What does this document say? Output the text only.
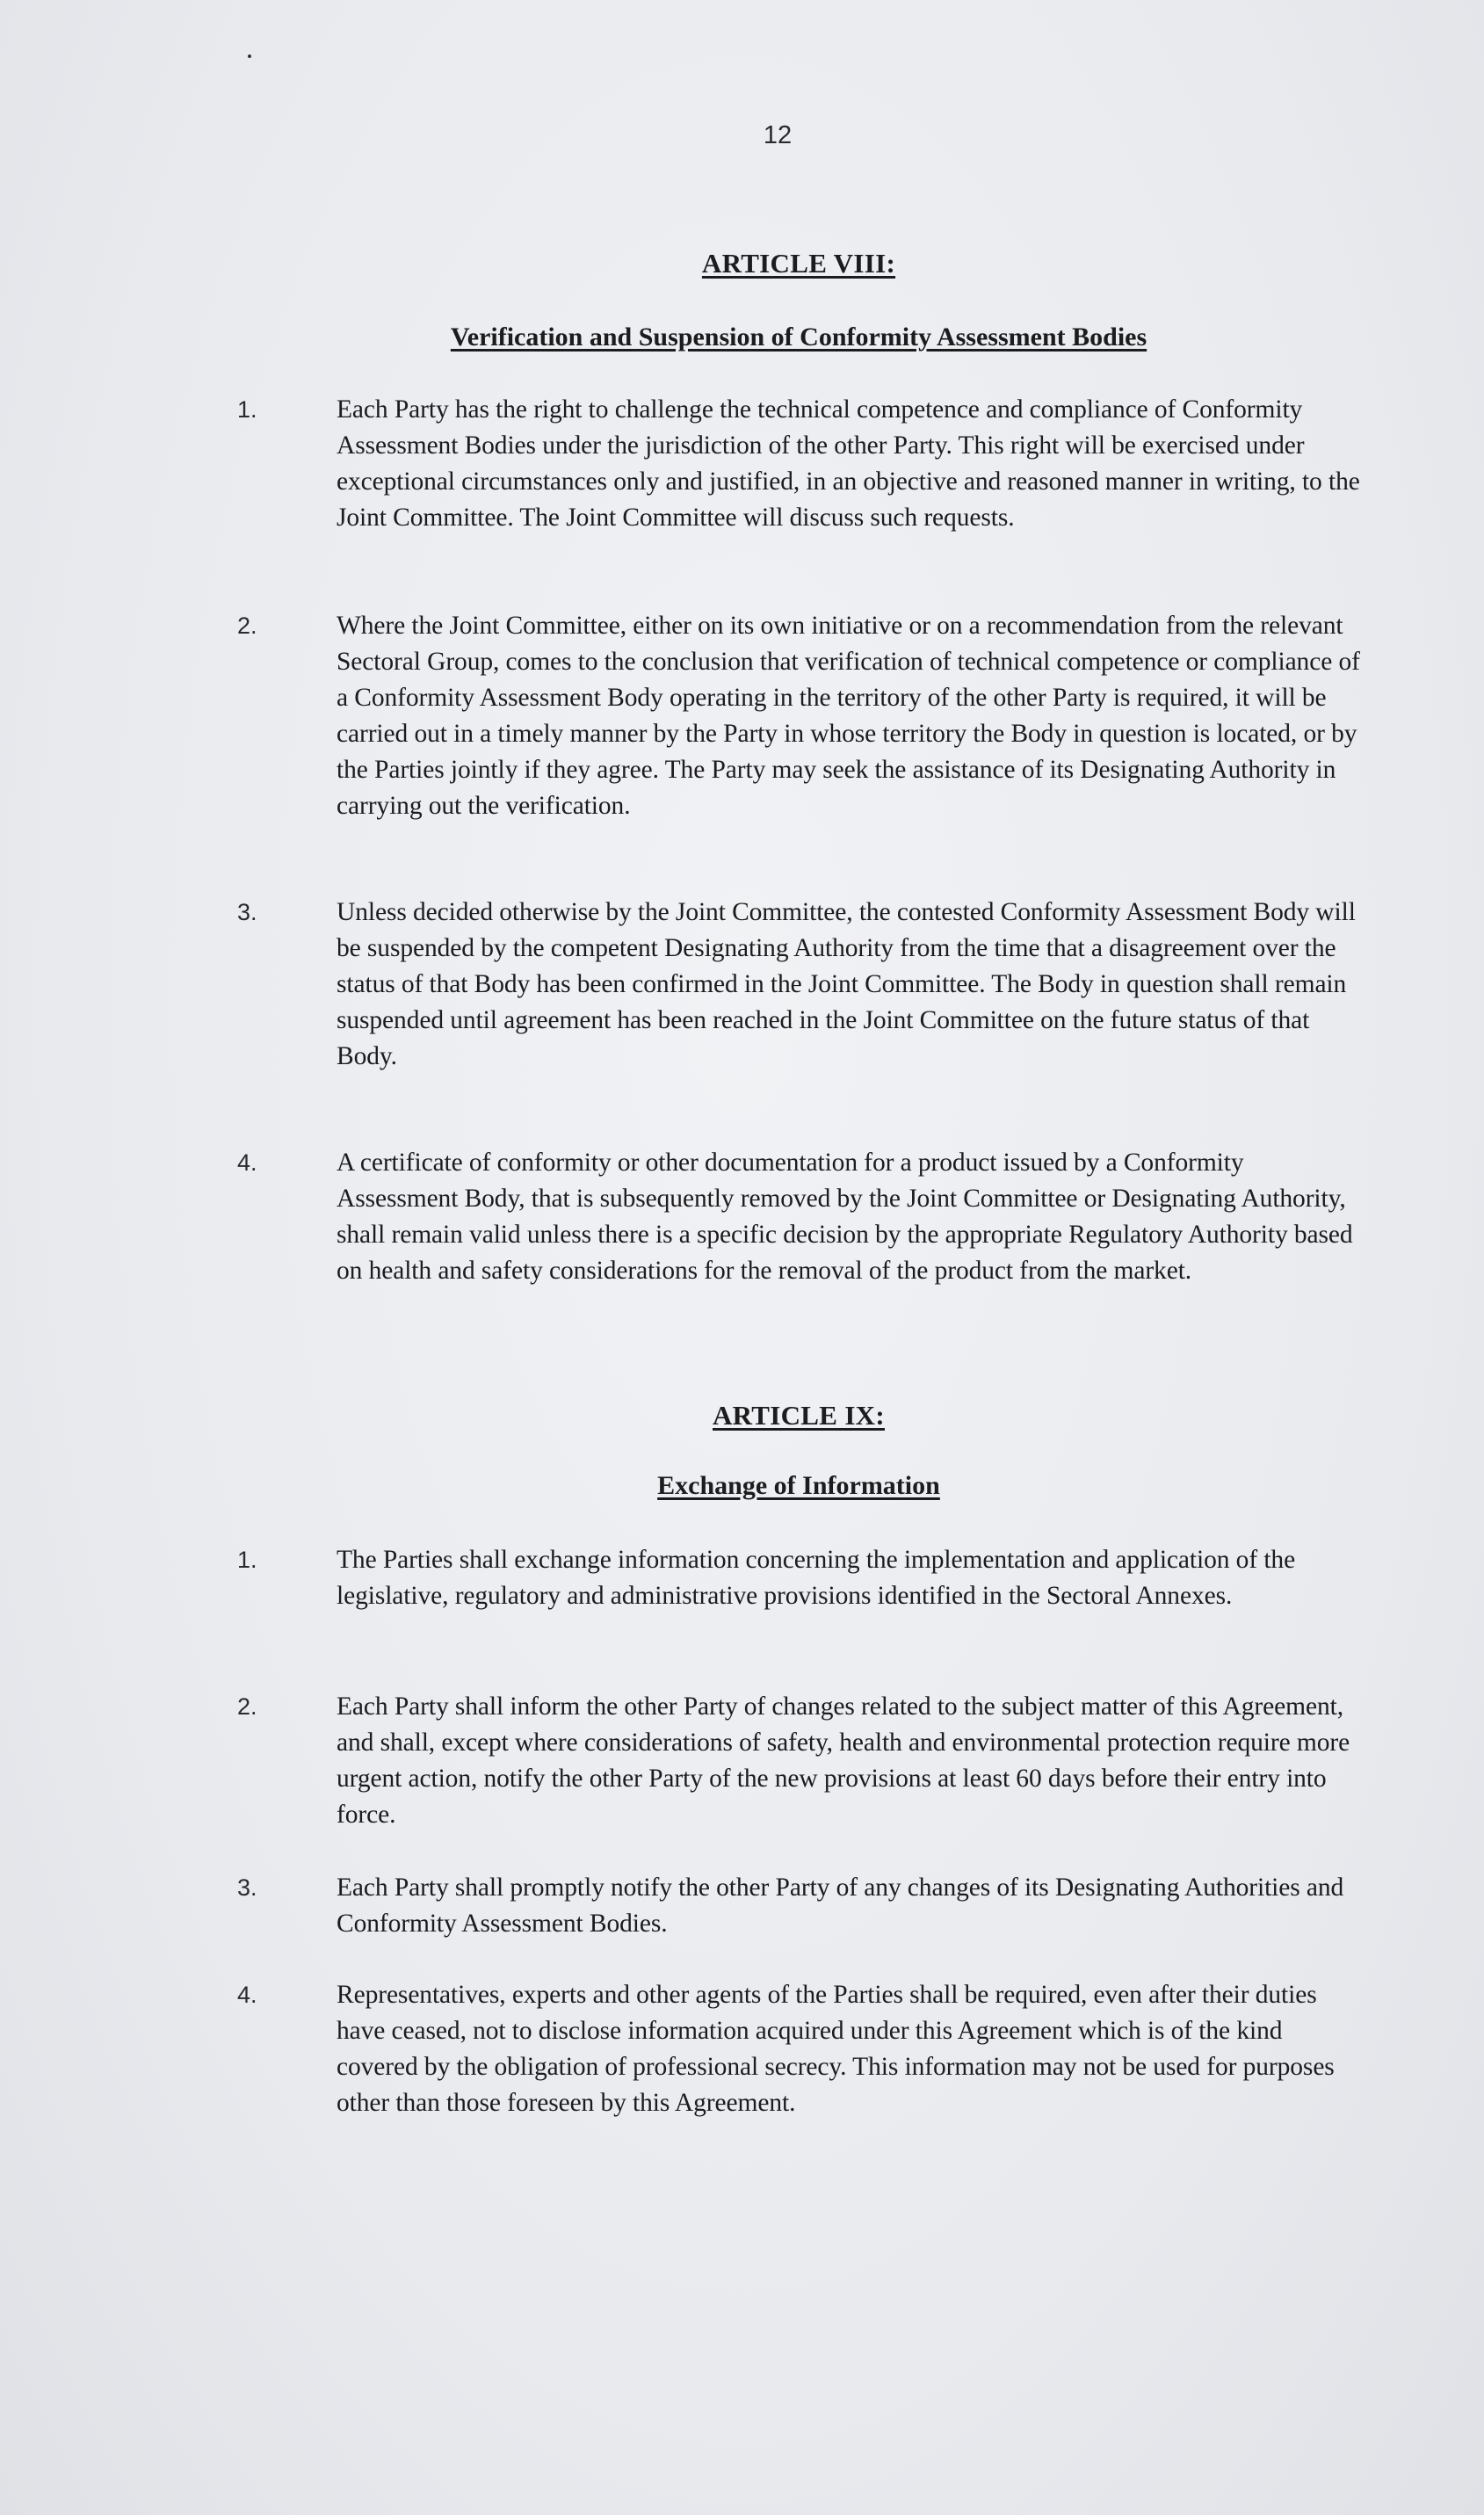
12
ARTICLE VIII:
Verification and Suspension of Conformity Assessment Bodies
1.	Each Party has the right to challenge the technical competence and compliance of Conformity Assessment Bodies under the jurisdiction of the other Party. This right will be exercised under exceptional circumstances only and justified, in an objective and reasoned manner in writing, to the Joint Committee. The Joint Committee will discuss such requests.
2.	Where the Joint Committee, either on its own initiative or on a recommendation from the relevant Sectoral Group, comes to the conclusion that verification of technical competence or compliance of a Conformity Assessment Body operating in the territory of the other Party is required, it will be carried out in a timely manner by the Party in whose territory the Body in question is located, or by the Parties jointly if they agree. The Party may seek the assistance of its Designating Authority in carrying out the verification.
3.	Unless decided otherwise by the Joint Committee, the contested Conformity Assessment Body will be suspended by the competent Designating Authority from the time that a disagreement over the status of that Body has been confirmed in the Joint Committee. The Body in question shall remain suspended until agreement has been reached in the Joint Committee on the future status of that Body.
4.	A certificate of conformity or other documentation for a product issued by a Conformity Assessment Body, that is subsequently removed by the Joint Committee or Designating Authority, shall remain valid unless there is a specific decision by the appropriate Regulatory Authority based on health and safety considerations for the removal of the product from the market.
ARTICLE IX:
Exchange of Information
1.	The Parties shall exchange information concerning the implementation and application of the legislative, regulatory and administrative provisions identified in the Sectoral Annexes.
2.	Each Party shall inform the other Party of changes related to the subject matter of this Agreement, and shall, except where considerations of safety, health and environmental protection require more urgent action, notify the other Party of the new provisions at least 60 days before their entry into force.
3.	Each Party shall promptly notify the other Party of any changes of its Designating Authorities and Conformity Assessment Bodies.
4.	Representatives, experts and other agents of the Parties shall be required, even after their duties have ceased, not to disclose information acquired under this Agreement which is of the kind covered by the obligation of professional secrecy. This information may not be used for purposes other than those foreseen by this Agreement.
